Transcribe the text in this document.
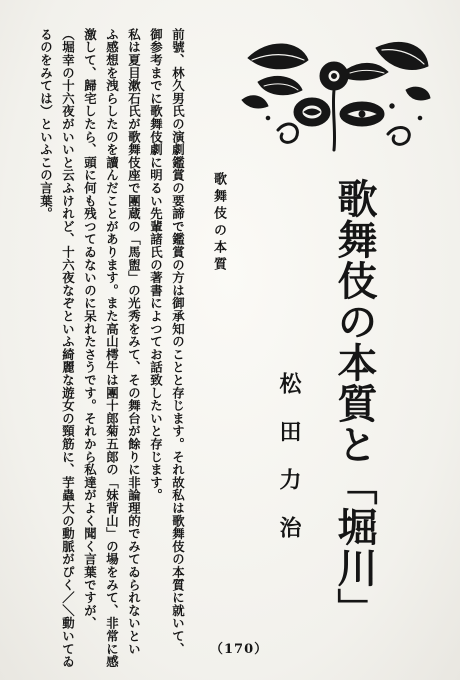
歌舞伎の本質と「堀川」
松田力治
歌舞伎の本質
前號、林久男氏の演劇鑑賞の要諦で鑑賞の方は御承知のことと存じます。それ故私は歌舞伎の本質に就いて、
御参考までに歌舞伎劇に明るい先輩諸氏の著書によつてお話致したいと存じます。
私は夏目漱石氏が歌舞伎座で團蔵の「馬盥」の光秀をみて、その舞台が餘りに非論理的でみてゐられないとい
ふ感想を洩らしたのを讀んだことがあります。また高山樗牛は團十郎菊五郎の「妹背山」の場をみて、非常に感
激して、歸宅したら、頭に何も残つてゐないのに呆れたさうです。それから私達がよく聞く言葉ですが、
（堀幸の十六夜がいいと云ふけれど、十六夜なぞといふ綺麗な遊女の頸筋に、芋蟲大の動脈がぴく／＼動いてゐ
るのをみては）といふこの言葉。
（170）
